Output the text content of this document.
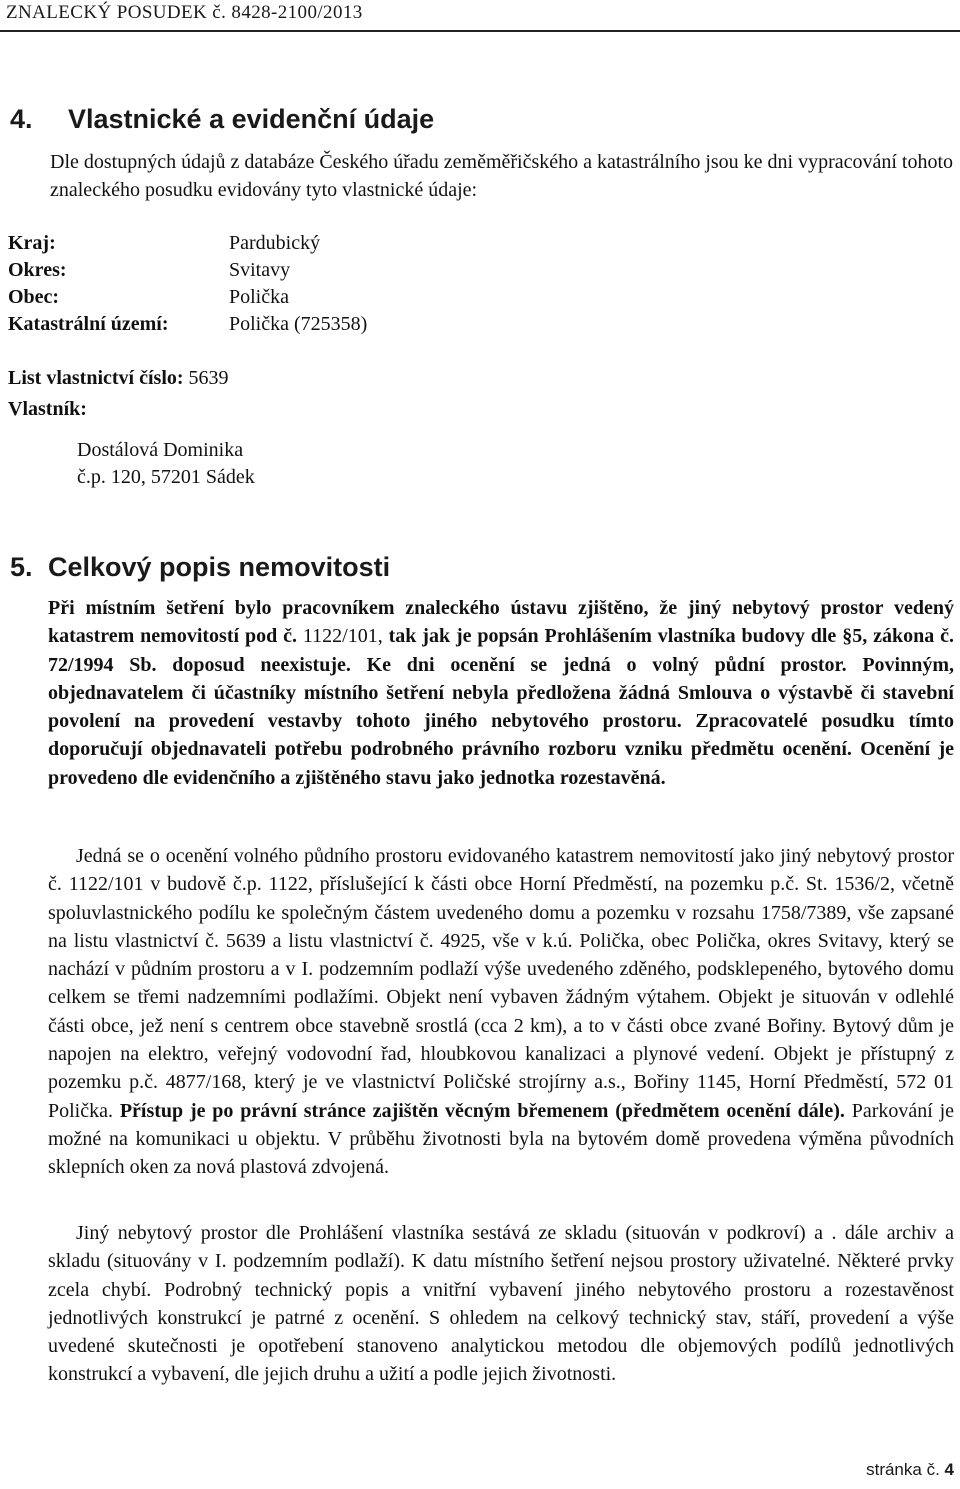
ZNALECKÝ POSUDEK č. 8428-2100/2013
4. Vlastnické a evidenční údaje

Dle dostupných údajů z databáze Českého úřadu zeměměřičského a katastrálního jsou ke dni vypracování tohoto znaleckého posudku evidovány tyto vlastnické údaje:

Kraj:	Pardubický
Okres:	Svitavy
Obec:	Polička
Katastrální území:	Polička (725358)
List vlastnictví číslo: 5639
Vlastník:
Dostálová Dominika
č.p. 120, 57201 Sádek
5. Celkový popis nemovitosti

Při místním šetření bylo pracovníkem znaleckého ústavu zjištěno, že jiný nebytový prostor vedený katastrem nemovitostí pod č. 1122/101, tak jak je popsán Prohlášením vlastníka budovy dle §5, zákona č. 72/1994 Sb. doposud neexistuje. Ke dni ocenění se jedná o volný půdní prostor. Povinným, objednavatelem či účastníky místního šetření nebyla předložena žádná Smlouva o výstavbě či stavební povolení na provedení vestavby tohoto jiného nebytového prostoru. Zpracovatelé posudku tímto doporučují objednavateli potřebu podrobného právního rozboru vzniku předmětu ocenění. Ocenění je provedeno dle evidenčního a zjištěného stavu jako jednotka rozestavěná.

Jedná se o ocenění volného půdního prostoru evidovaného katastrem nemovitostí jako jiný nebytový prostor č. 1122/101 v budově č.p. 1122, příslušející k části obce Horní Předměstí, na pozemku p.č. St. 1536/2, včetně spoluvlastnického podílu ke společným částem uvedeného domu a pozemku v rozsahu 1758/7389, vše zapsané na listu vlastnictví č. 5639 a listu vlastnictví č. 4925, vše v k.ú. Polička, obec Polička, okres Svitavy, který se nachází v půdním prostoru a v I. podzemním podlaží výše uvedeného zděného, podsklepeného, bytového domu celkem se třemi nadzemními podlažími. Objekt není vybaven žádným výtahem. Objekt je situován v odlehlé části obce, jež není s centrem obce stavebně srostlá (cca 2 km), a to v části obce zvané Bořiny. Bytový dům je napojen na elektro, veřejný vodovodní řad, hloubkovou kanalizaci a plynové vedení. Objekt je přístupný z pozemku p.č. 4877/168, který je ve vlastnictví Poličské strojírny a.s., Bořiny 1145, Horní Předměstí, 572 01 Polička. Přístup je po právní stránce zajištěn věcným břemenem (předmětem ocenění dále). Parkování je možné na komunikaci u objektu. V průběhu životnosti byla na bytovém domě provedena výměna původních sklepních oken za nová plastová zdvojená.

Jiný nebytový prostor dle Prohlášení vlastníka sestává ze skladu (situován v podkroví) a . dále archiv a skladu (situovány v I. podzemním podlaží). K datu místního šetření nejsou prostory uživatelné. Některé prvky zcela chybí. Podrobný technický popis a vnitřní vybavení jiného nebytového prostoru a rozestavěnost jednotlivých konstrukcí je patrné z ocenění. S ohledem na celkový technický stav, stáří, provedení a výše uvedené skutečnosti je opotřebení stanoveno analytickou metodou dle objemových podílů jednotlivých konstrukcí a vybavení, dle jejich druhu a užití a podle jejich životnosti.

stránka č. 4
